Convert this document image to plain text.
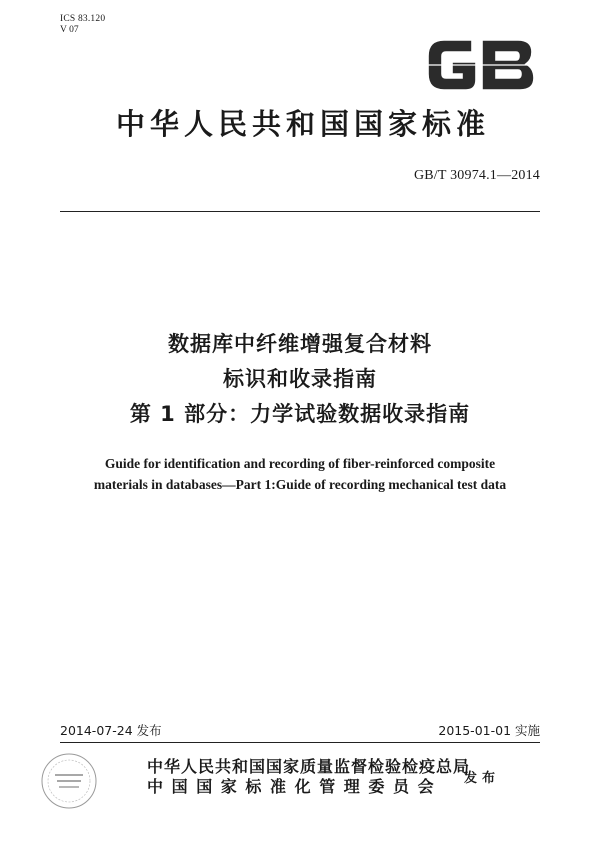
ICS 83.120
V 07
中华人民共和国国家标准
GB/T 30974.1—2014
数据库中纤维增强复合材料
标识和收录指南
第 1 部分：力学试验数据收录指南
Guide for identification and recording of fiber-reinforced composite
materials in databases—Part 1:Guide of recording mechanical test data
2014-07-24 发布	2015-01-01 实施
中华人民共和国国家质量监督检验检疫总局
中国国家标准化管理委员会 发布
